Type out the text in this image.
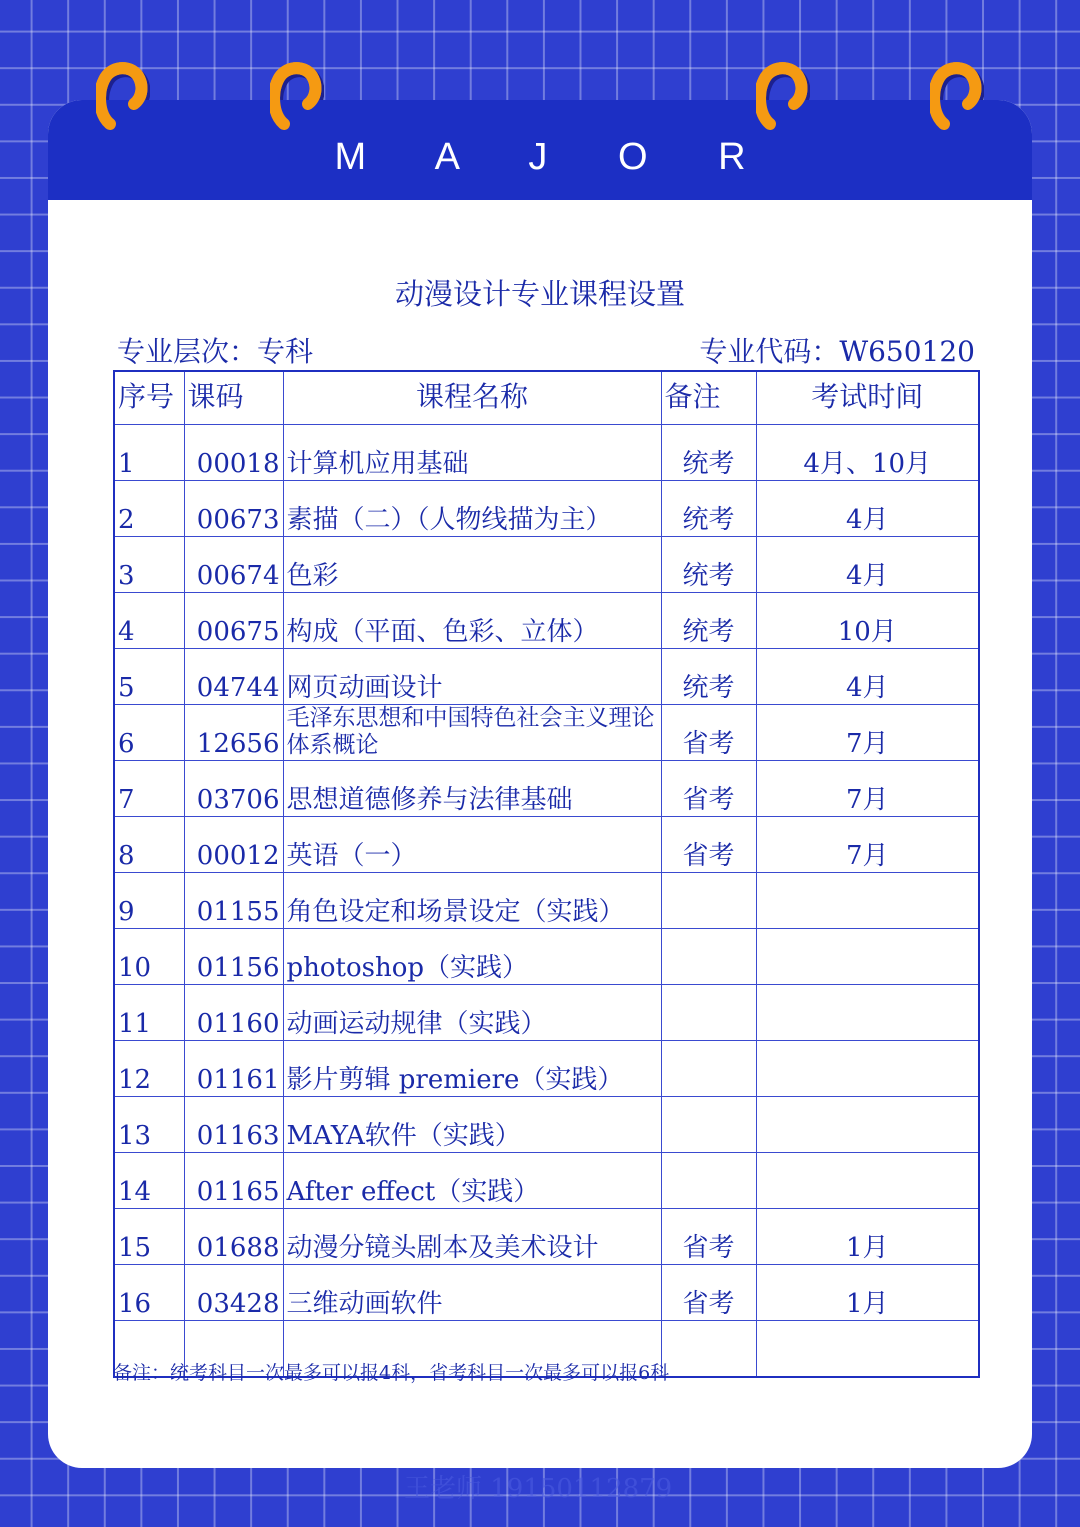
M A J O R
动漫设计专业课程设置
专业层次：专科	专业代码：W650120
序号	课码	课程名称	备注	考试时间
1	00018	计算机应用基础	统考	4月、10月
2	00673	素描（二）（人物线描为主）	统考	4月
3	00674	色彩	统考	4月
4	00675	构成（平面、色彩、立体）	统考	10月
5	04744	网页动画设计	统考	4月
6	12656	毛泽东思想和中国特色社会主义理论体系概论	省考	7月
7	03706	思想道德修养与法律基础	省考	7月
8	00012	英语（一）	省考	7月
9	01155	角色设定和场景设定（实践）		
10	01156	photoshop（实践）		
11	01160	动画运动规律（实践）		
12	01161	影片剪辑 premiere（实践）		
13	01163	MAYA软件（实践）		
14	01165	After effect（实践）		
15	01688	动漫分镜头剧本及美术设计	省考	1月
16	03428	三维动画软件	省考	1月

备注：统考科目一次最多可以报4科，省考科目一次最多可以报6科
王老师 19150112879
